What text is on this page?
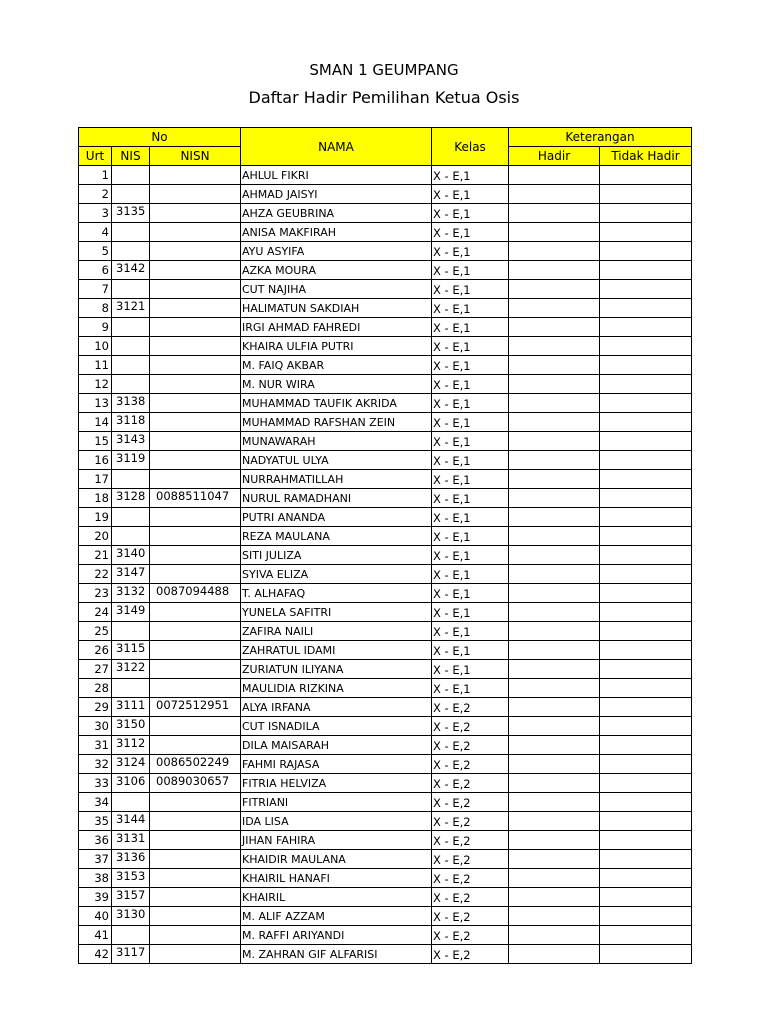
SMAN 1 GEUMPANG
Daftar Hadir Pemilihan Ketua Osis
No			NAMA	Kelas	Keterangan	
Urt	NIS	NISN			Hadir	Tidak Hadir
1			AHLUL FIKRI	X - E,1		
2			AHMAD JAISYI	X - E,1		
3	3135		AHZA GEUBRINA	X - E,1		
4			ANISA MAKFIRAH	X - E,1		
5			AYU ASYIFA	X - E,1		
6	3142		AZKA MOURA	X - E,1		
7			CUT NAJIHA	X - E,1		
8	3121		HALIMATUN SAKDIAH	X - E,1		
9			IRGI AHMAD FAHREDI	X - E,1		
10			KHAIRA ULFIA PUTRI	X - E,1		
11			M. FAIQ AKBAR	X - E,1		
12			M. NUR WIRA	X - E,1		
13	3138		MUHAMMAD TAUFIK AKRIDA	X - E,1		
14	3118		MUHAMMAD RAFSHAN ZEIN	X - E,1		
15	3143		MUNAWARAH	X - E,1		
16	3119		NADYATUL ULYA	X - E,1		
17			NURRAHMATILLAH	X - E,1		
18	3128	0088511047	NURUL RAMADHANI	X - E,1		
19			PUTRI ANANDA	X - E,1		
20			REZA MAULANA	X - E,1		
21	3140		SITI JULIZA	X - E,1		
22	3147		SYIVA ELIZA	X - E,1		
23	3132	0087094488	T. ALHAFAQ	X - E,1		
24	3149		YUNELA SAFITRI	X - E,1		
25			ZAFIRA NAILI	X - E,1		
26	3115		ZAHRATUL IDAMI	X - E,1		
27	3122		ZURIATUN ILIYANA	X - E,1		
28			MAULIDIA RIZKINA	X - E,1		
29	3111	0072512951	ALYA IRFANA	X - E,2		
30	3150		CUT ISNADILA	X - E,2		
31	3112		DILA MAISARAH	X - E,2		
32	3124	0086502249	FAHMI RAJASA	X - E,2		
33	3106	0089030657	FITRIA HELVIZA	X - E,2		
34			FITRIANI	X - E,2		
35	3144		IDA LISA	X - E,2		
36	3131		JIHAN FAHIRA	X - E,2		
37	3136		KHAIDIR MAULANA	X - E,2		
38	3153		KHAIRIL HANAFI	X - E,2		
39	3157		KHAIRIL	X - E,2		
40	3130		M. ALIF AZZAM	X - E,2		
41			M. RAFFI ARIYANDI	X - E,2		
42	3117		M. ZAHRAN GIF ALFARISI	X - E,2		
